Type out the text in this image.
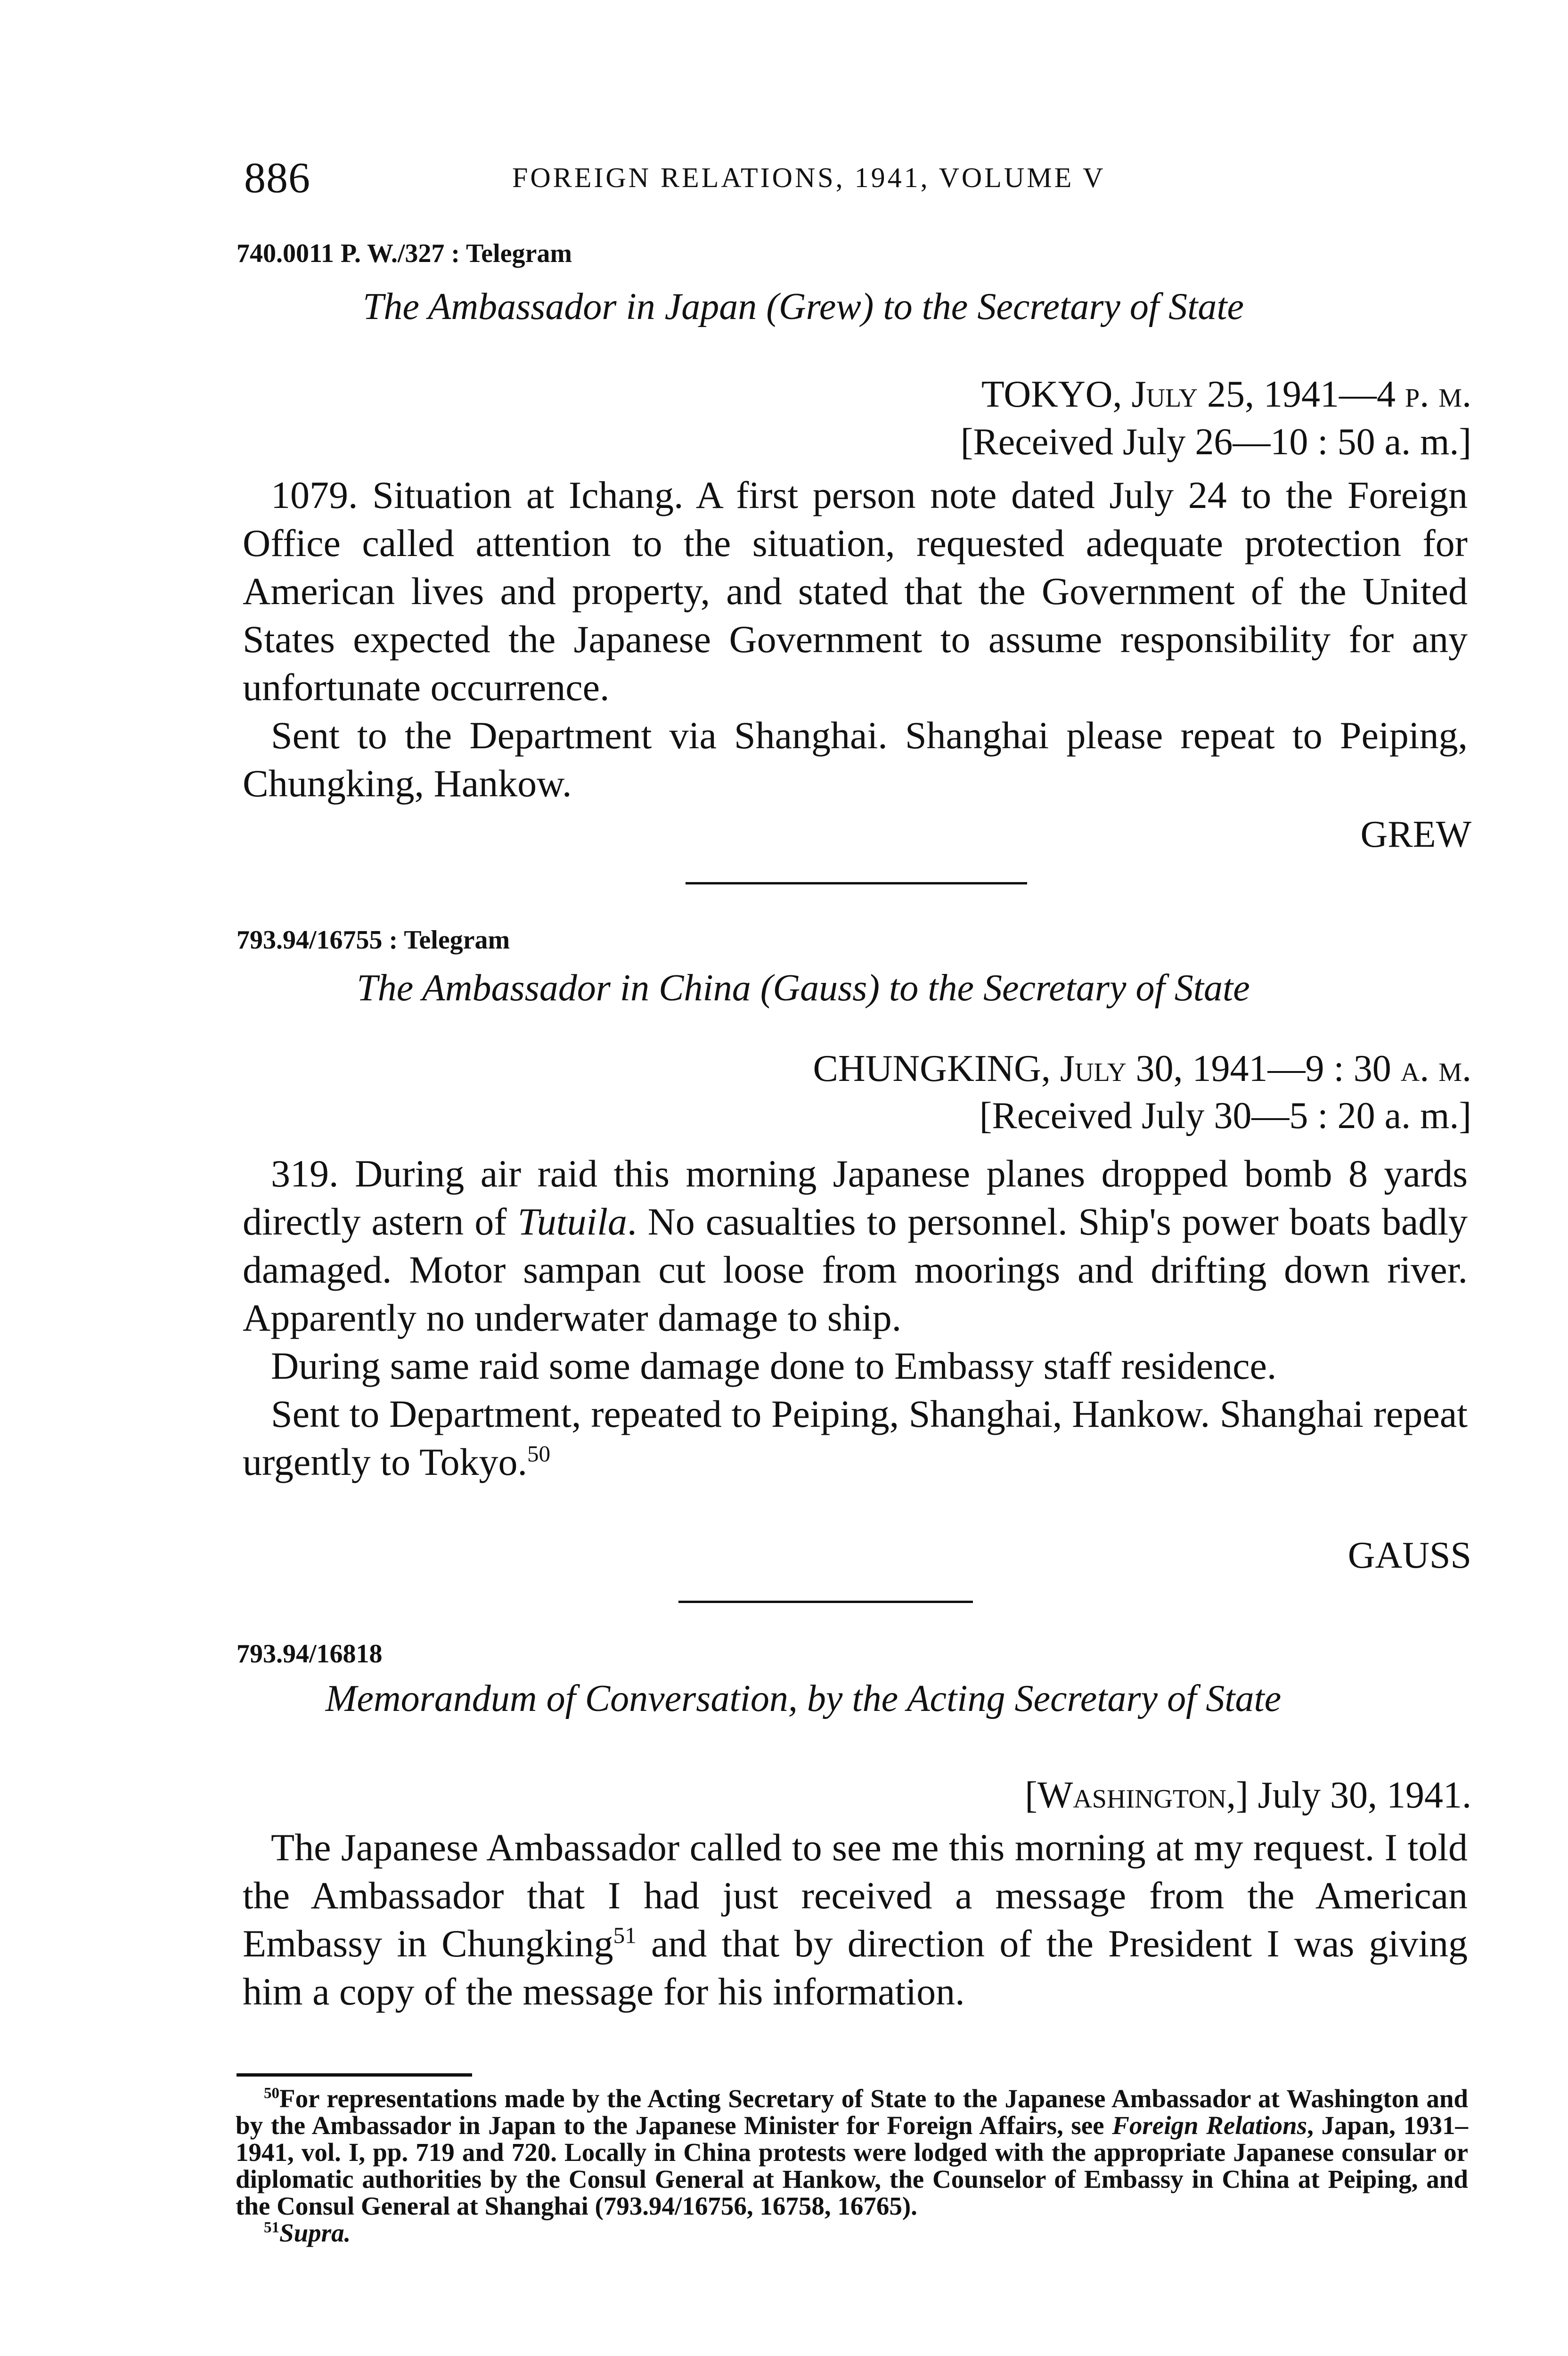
886	FOREIGN RELATIONS, 1941, VOLUME V
740.0011 P. W./327 : Telegram
The Ambassador in Japan (Grew) to the Secretary of State
TOKYO, July 25, 1941—4 p. m.
[Received July 26—10 : 50 a. m.]

1079. Situation at Ichang. A first person note dated July 24 to the Foreign Office called attention to the situation, requested adequate protection for American lives and property, and stated that the Government of the United States expected the Japanese Government to assume responsibility for any unfortunate occurrence.

Sent to the Department via Shanghai. Shanghai please repeat to Peiping, Chungking, Hankow.

GREW
793.94/16755 : Telegram
The Ambassador in China (Gauss) to the Secretary of State
CHUNGKING, July 30, 1941—9 : 30 a. m.
[Received July 30—5 : 20 a. m.]

319. During air raid this morning Japanese planes dropped bomb 8 yards directly astern of Tutuila. No casualties to personnel. Ship's power boats badly damaged. Motor sampan cut loose from moorings and drifting down river. Apparently no underwater damage to ship.

During same raid some damage done to Embassy staff residence.

Sent to Department, repeated to Peiping, Shanghai, Hankow. Shanghai repeat urgently to Tokyo.$^{50}$

GAUSS
793.94/16818
Memorandum of Conversation, by the Acting Secretary of State
[Washington,] July 30, 1941.

The Japanese Ambassador called to see me this morning at my request. I told the Ambassador that I had just received a message from the American Embassy in Chungking$^{51}$ and that by direction of the President I was giving him a copy of the message for his information.

$^{50}$For representations made by the Acting Secretary of State to the Japanese Ambassador at Washington and by the Ambassador in Japan to the Japanese Minister for Foreign Affairs, see Foreign Relations, Japan, 1931–1941, vol. I, pp. 719 and 720. Locally in China protests were lodged with the appropriate Japanese consular or diplomatic authorities by the Consul General at Hankow, the Counselor of Embassy in China at Peiping, and the Consul General at Shanghai (793.94/16756, 16758, 16765).

$^{51}$Supra.
